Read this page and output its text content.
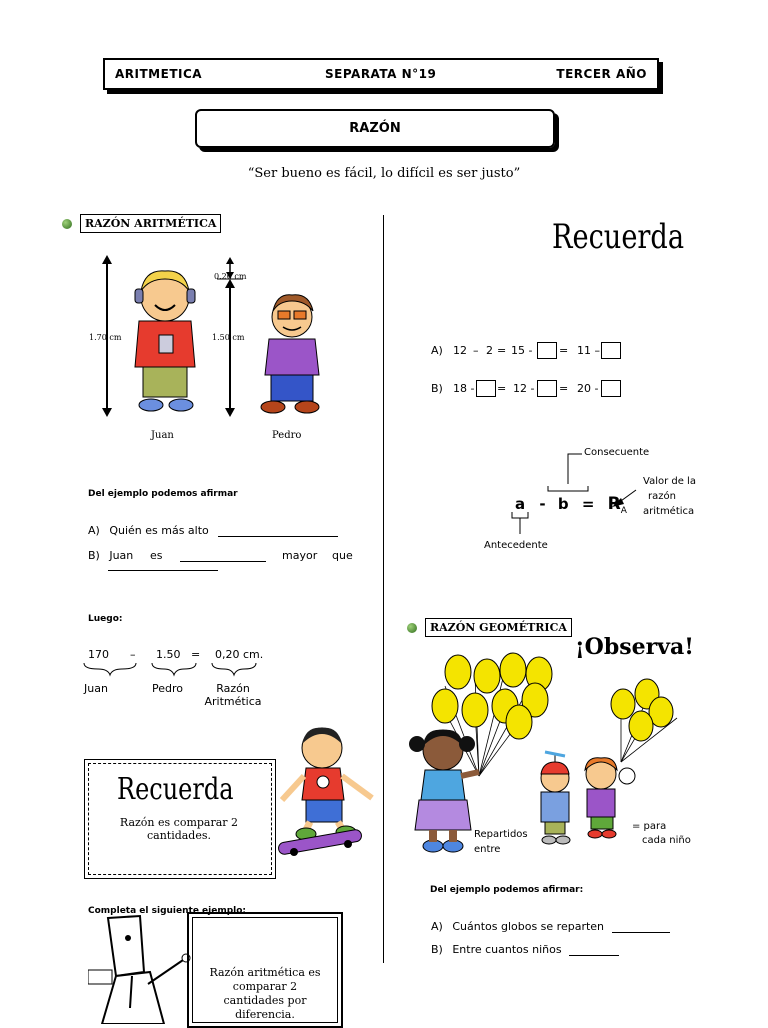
ARITMETICA	SEPARATA N°19	TERCER AÑO
RAZÓN
“Ser bueno es fácil, lo difícil es ser justo”
RAZÓN ARITMÉTICA
1.70 cm
0.20 cm
1.50 cm
Juan	Pedro
Del ejemplo podemos afirmar
A) Quién es más alto
B) Juan es	mayor que
Luego:
170 – 1.50 = 0,20 cm.
Juan	Pedro	Razón
Aritmética
Recuerda
Razón es comparar 2 cantidades.
Completa el siguiente ejemplo:
Razón aritmética es comparar 2 cantidades por diferencia.
Recuerda
A) 12 – 2 = 15 - = 11 –
B) 18 - = 12 - = 20 -
Consecuente
Valor de la
razón
aritmética
$a - b = R_A$
Antecedente
RAZÓN GEOMÉTRICA
¡Observa!
Repartidos
entre
= para
cada niño
Del ejemplo podemos afirmar:
A) Cuántos globos se reparten
B) Entre cuantos niños
